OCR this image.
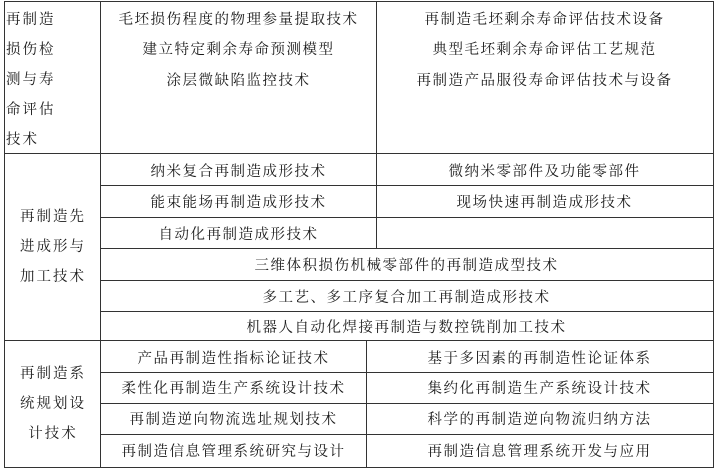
再制造
损伤检
测与寿
命评估
技术
毛坯损伤程度的物理参量提取技术
建立特定剩余寿命预测模型
涂层微缺陷监控技术
再制造毛坯剩余寿命评估技术设备
典型毛坯剩余寿命评估工艺规范
再制造产品服役寿命评估技术与设备
再制造先
进成形与
加工技术
纳米复合再制造成形技术
能束能场再制造成形技术
自动化再制造成形技术
微纳米零部件及功能零部件
现场快速再制造成形技术
三维体积损伤机械零部件的再制造成型技术
多工艺、多工序复合加工再制造成形技术
机器人自动化焊接再制造与数控铣削加工技术
再制造系
统规划设
计技术
产品再制造性指标论证技术
柔性化再制造生产系统设计技术
再制造逆向物流选址规划技术
再制造信息管理系统研究与设计
基于多因素的再制造性论证体系
集约化再制造生产系统设计技术
科学的再制造逆向物流归纳方法
再制造信息管理系统开发与应用
